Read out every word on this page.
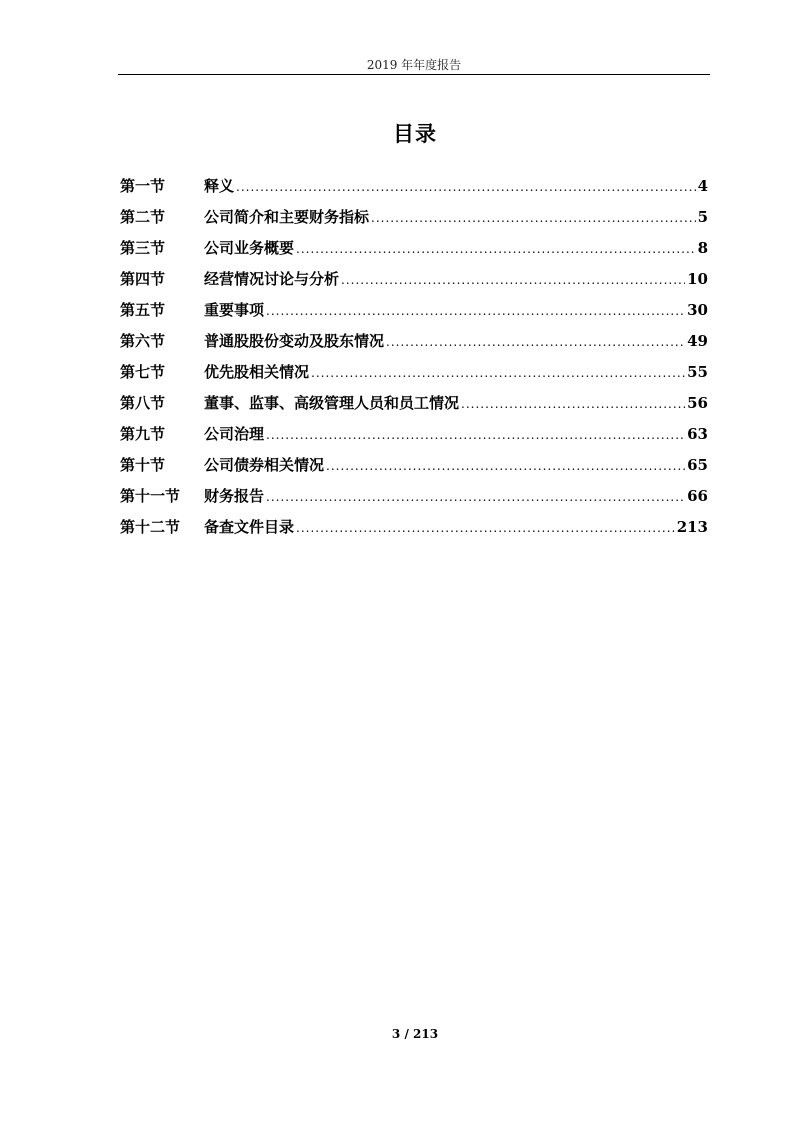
2019 年年度报告
目录
第一节	释义 .....	4
第二节	公司简介和主要财务指标 .....	5
第三节	公司业务概要 .....	8
第四节	经营情况讨论与分析 .....	10
第五节	重要事项 .....	30
第六节	普通股股份变动及股东情况 .....	49
第七节	优先股相关情况 .....	55
第八节	董事、监事、高级管理人员和员工情况 .....	56
第九节	公司治理 .....	63
第十节	公司债券相关情况 .....	65
第十一节	财务报告 .....	66
第十二节	备查文件目录 .....	213
3 / 213
